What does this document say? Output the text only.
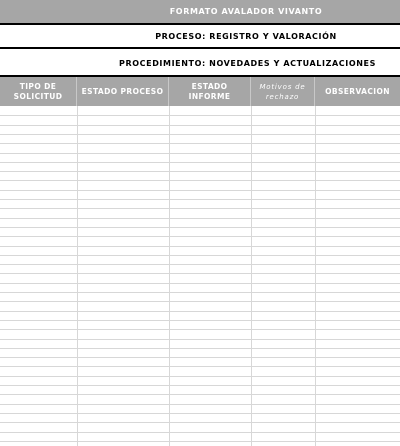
FORMATO AVALADOR VIVANTO
PROCESO: REGISTRO Y VALORACIÓN
PROCEDIMIENTO: NOVEDADES Y ACTUALIZACIONES
TIPO DE SOLICITUD
ESTADO PROCESO
ESTADO INFORME
Motivos de rechazo
OBSERVACION
